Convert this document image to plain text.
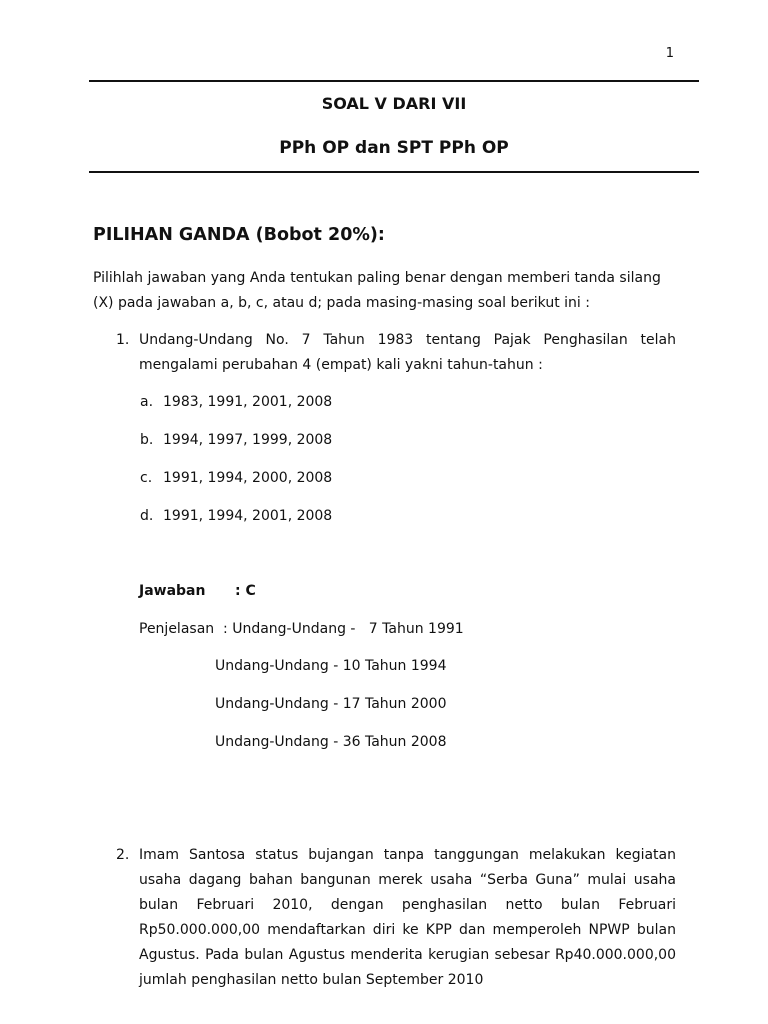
1
SOAL V DARI VII
PPh OP dan SPT PPh OP
PILIHAN GANDA (Bobot 20%):
Pilihlah jawaban yang Anda tentukan paling benar dengan memberi tanda silang (X) pada jawaban a, b, c, atau d; pada masing-masing soal berikut ini :
1. Undang-Undang No. 7 Tahun 1983 tentang Pajak Penghasilan telah mengalami perubahan 4 (empat) kali yakni tahun-tahun :
a. 1983, 1991, 2001, 2008
b. 1994, 1997, 1999, 2008
c. 1991, 1994, 2000, 2008
d. 1991, 1994, 2001, 2008
Jawaban : C
Penjelasan  : Undang-Undang -   7 Tahun 1991
Undang-Undang - 10 Tahun 1994
Undang-Undang - 17 Tahun 2000
Undang-Undang - 36 Tahun 2008
2. Imam Santosa status bujangan tanpa tanggungan melakukan kegiatan usaha dagang bahan bangunan merek usaha “Serba Guna” mulai usaha bulan Februari 2010, dengan penghasilan netto bulan Februari Rp50.000.000,00 mendaftarkan diri ke KPP dan memperoleh NPWP bulan Agustus. Pada bulan Agustus menderita kerugian sebesar Rp40.000.000,00 jumlah penghasilan netto bulan September 2010
